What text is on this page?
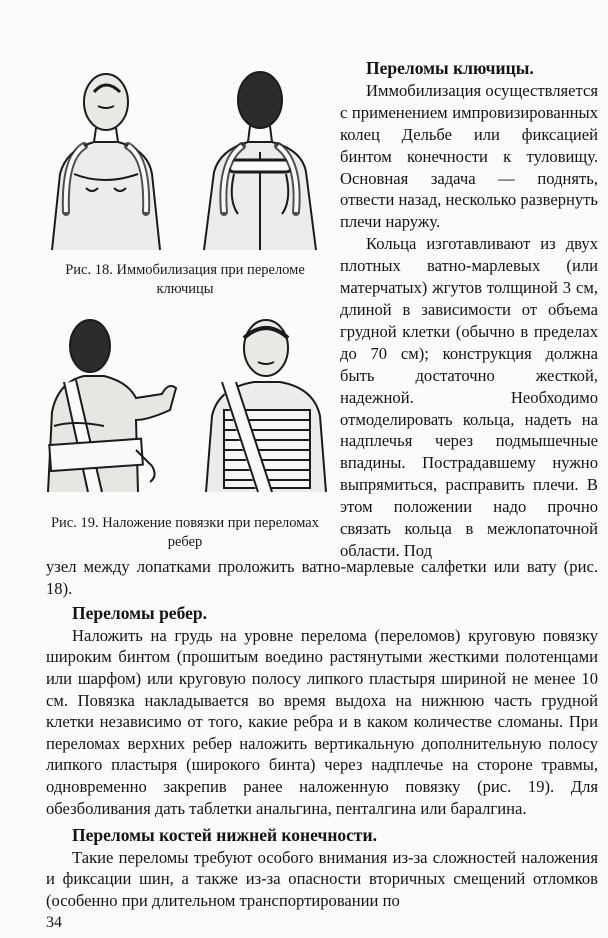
Рис. 18. Иммобилизация при переломе ключицы
Рис. 19. Наложение повязки при переломах ребер
Переломы ключицы.

Иммобилизация осуществляется с применением импровизированных колец Дельбе или фиксацией бинтом конечности к туловищу. Основная задача — поднять, отвести назад, несколько развернуть плечи наружу.

Кольца изготавливают из двух плотных ватно-марлевых (или матерчатых) жгутов толщиной 3 см, длиной в зависимости от объема грудной клетки (обычно в пределах до 70 см); конструкция должна быть достаточно жесткой, надежной. Необходимо отмоделировать кольца, надеть на надплечья через подмышечные впадины. Пострадавшему нужно выпрямиться, расправить плечи. В этом положении надо прочно связать кольца в межлопаточной области. Под

узел между лопатками проложить ватно-марлевые салфетки или вату (рис. 18).

Переломы ребер.

Наложить на грудь на уровне перелома (переломов) круговую повязку широким бинтом (прошитым воедино растянутыми жесткими полотенцами или шарфом) или круговую полосу липкого пластыря шириной не менее 10 см. Повязка накладывается во время выдоха на нижнюю часть грудной клетки независимо от того, какие ребра и в каком количестве сломаны. При переломах верхних ребер наложить вертикальную дополнительную полосу липкого пластыря (широкого бинта) через надплечье на стороне травмы, одновременно закрепив ранее наложенную повязку (рис. 19). Для обезболивания дать таблетки анальгина, пенталгина или баралгина.

Переломы костей нижней конечности.

Такие переломы требуют особого внимания из-за сложностей наложения и фиксации шин, а также из-за опасности вторичных смещений отломков (особенно при длительном транспортировании по

34
